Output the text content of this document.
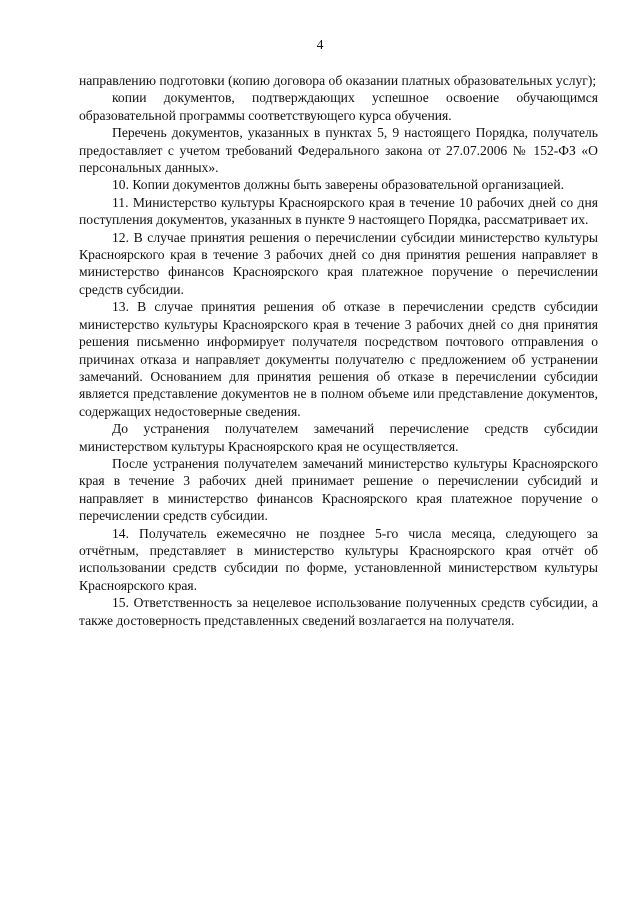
4

направлению подготовки (копию договора об оказании платных образовательных услуг);

копии документов, подтверждающих успешное освоение обучающимся образовательной программы соответствующего курса обучения.

Перечень документов, указанных в пунктах 5, 9 настоящего Порядка, получатель предоставляет с учетом требований Федерального закона от 27.07.2006 № 152-ФЗ «О персональных данных».

10. Копии документов должны быть заверены образовательной организацией.

11. Министерство культуры Красноярского края в течение 10 рабочих дней со дня поступления документов, указанных в пункте 9 настоящего Порядка, рассматривает их.

12. В случае принятия решения о перечислении субсидии министерство культуры Красноярского края в течение 3 рабочих дней со дня принятия решения направляет в министерство финансов Красноярского края платежное поручение о перечислении средств субсидии.

13. В случае принятия решения об отказе в перечислении средств субсидии министерство культуры Красноярского края в течение 3 рабочих дней со дня принятия решения письменно информирует получателя посредством почтового отправления о причинах отказа и направляет документы получателю с предложением об устранении замечаний. Основанием для принятия решения об отказе в перечислении субсидии является представление документов не в полном объеме или представление документов, содержащих недостоверные сведения.

До устранения получателем замечаний перечисление средств субсидии министерством культуры Красноярского края не осуществляется.

После устранения получателем замечаний министерство культуры Красноярского края в течение 3 рабочих дней принимает решение о перечислении субсидий и направляет в министерство финансов Красноярского края платежное поручение о перечислении средств субсидии.

14. Получатель ежемесячно не позднее 5-го числа месяца, следующего за отчётным, представляет в министерство культуры Красноярского края отчёт об использовании средств субсидии по форме, установленной министерством культуры Красноярского края.

15. Ответственность за нецелевое использование полученных средств субсидии, а также достоверность представленных сведений возлагается на получателя.
